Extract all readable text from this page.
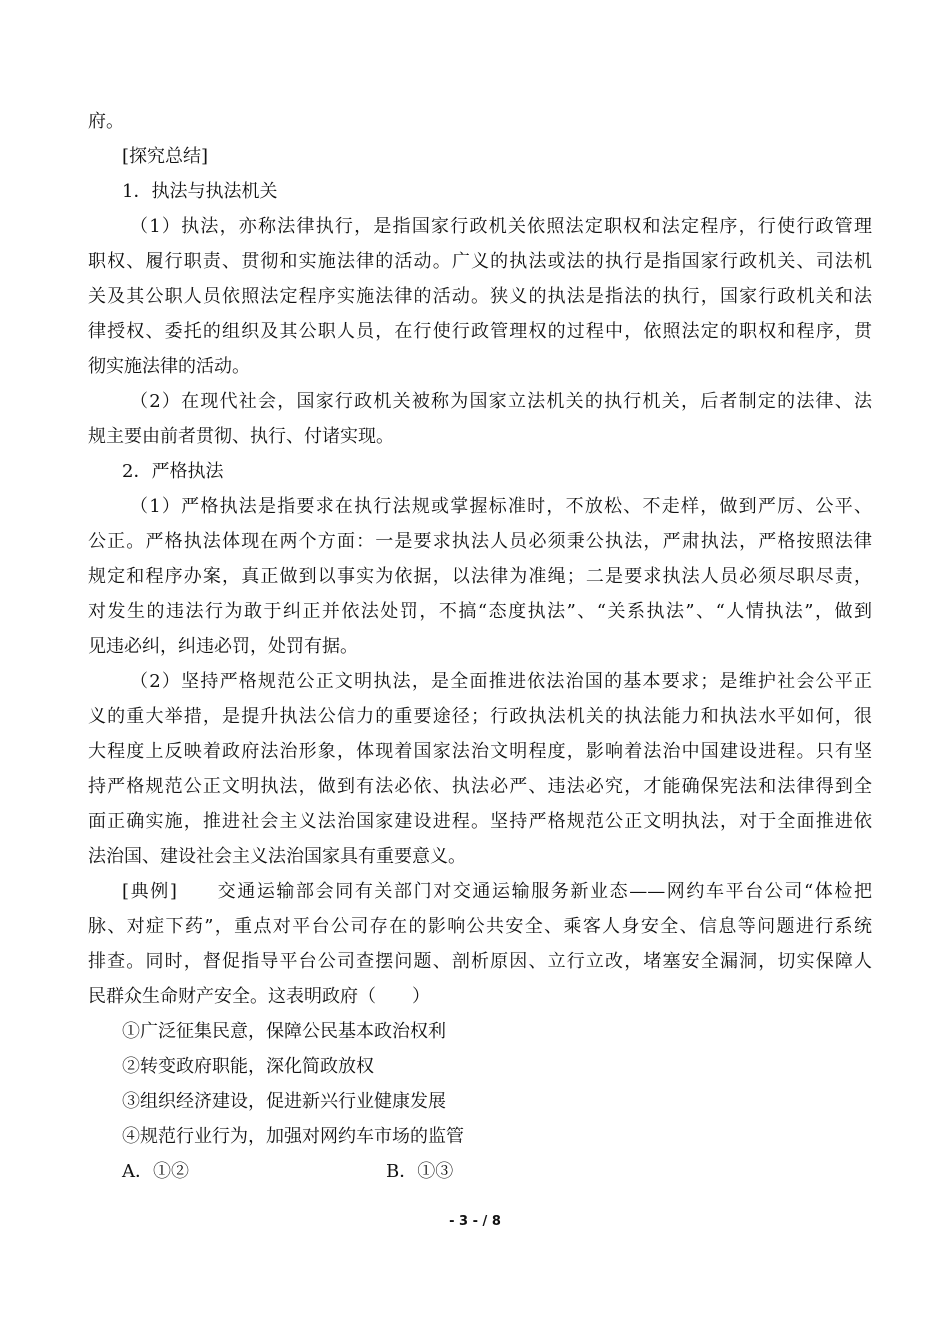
府。
[探究总结]
1．执法与执法机关
（1）执法，亦称法律执行，是指国家行政机关依照法定职权和法定程序，行使行政管理
职权、履行职责、贯彻和实施法律的活动。广义的执法或法的执行是指国家行政机关、司法机
关及其公职人员依照法定程序实施法律的活动。狭义的执法是指法的执行，国家行政机关和法
律授权、委托的组织及其公职人员，在行使行政管理权的过程中，依照法定的职权和程序，贯
彻实施法律的活动。
（2）在现代社会，国家行政机关被称为国家立法机关的执行机关，后者制定的法律、法
规主要由前者贯彻、执行、付诸实现。
2．严格执法
（1）严格执法是指要求在执行法规或掌握标准时，不放松、不走样，做到严厉、公平、
公正。严格执法体现在两个方面：一是要求执法人员必须秉公执法，严肃执法，严格按照法律
规定和程序办案，真正做到以事实为依据，以法律为准绳；二是要求执法人员必须尽职尽责，
对发生的违法行为敢于纠正并依法处罚，不搞“态度执法”、“关系执法”、“人情执法”，做到
见违必纠，纠违必罚，处罚有据。
（2）坚持严格规范公正文明执法，是全面推进依法治国的基本要求；是维护社会公平正
义的重大举措，是提升执法公信力的重要途径；行政执法机关的执法能力和执法水平如何，很
大程度上反映着政府法治形象，体现着国家法治文明程度，影响着法治中国建设进程。只有坚
持严格规范公正文明执法，做到有法必依、执法必严、违法必究，才能确保宪法和法律得到全
面正确实施，推进社会主义法治国家建设进程。坚持严格规范公正文明执法，对于全面推进依
法治国、建设社会主义法治国家具有重要意义。
[典例]　　交通运输部会同有关部门对交通运输服务新业态——网约车平台公司“体检把
脉、对症下药”，重点对平台公司存在的影响公共安全、乘客人身安全、信息等问题进行系统
排查。同时，督促指导平台公司查摆问题、剖析原因、立行立改，堵塞安全漏洞，切实保障人
民群众生命财产安全。这表明政府（　　）
①广泛征集民意，保障公民基本政治权利
②转变政府职能，深化简政放权
③组织经济建设，促进新兴行业健康发展
④规范行业行为，加强对网约车市场的监管
A．①②	B．①③
- 3 - / 8
